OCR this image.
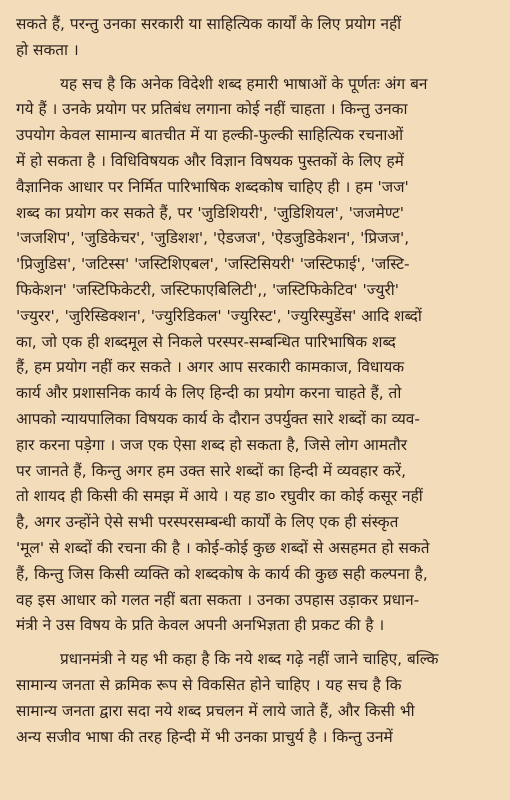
सकते हैं, परन्तु उनका सरकारी या साहित्यिक कार्यों के लिए प्रयोग नहीं
हो सकता ।
यह सच है कि अनेक विदेशी शब्द हमारी भाषाओं के पूर्णतः अंग बन
गये हैं । उनके प्रयोग पर प्रतिबंध लगाना कोई नहीं चाहता । किन्तु उनका
उपयोग केवल सामान्य बातचीत में या हल्की-फुल्की साहित्यिक रचनाओं
में हो सकता है । विधिविषयक और विज्ञान विषयक पुस्तकों के लिए हमें
वैज्ञानिक आधार पर निर्मित पारिभाषिक शब्दकोष चाहिए ही । हम 'जज'
शब्द का प्रयोग कर सकते हैं, पर 'जुडिशियरी', 'जुडिशियल', 'जजमेण्ट'
'जजशिप', 'जुडिकेचर', 'जुडिशश', 'ऐडजज', 'ऐडजुडिकेशन', 'प्रिजज',
'प्रिजुडिस', 'जटिस्स' 'जस्टिशिएबल', 'जस्टिसियरी' 'जस्टिफाई', 'जस्टि-
फिकेशन' 'जस्टिफिकेटरी, जस्टिफाएबिलिटी',, 'जस्टिफिकेटिव' 'ज्युरी'
'ज्युरर', 'जुरिस्डिक्शन', 'ज्युरिडिकल' 'ज्युरिस्ट', 'ज्युरिस्पुडेंस' आदि शब्दों
का, जो एक ही शब्दमूल से निकले परस्पर-सम्बन्धित पारिभाषिक शब्द
हैं, हम प्रयोग नहीं कर सकते । अगर आप सरकारी कामकाज, विधायक
कार्य और प्रशासनिक कार्य के लिए हिन्दी का प्रयोग करना चाहते हैं, तो
आपको न्यायपालिका विषयक कार्य के दौरान उपर्युक्त सारे शब्दों का व्यव-
हार करना पड़ेगा । जज एक ऐसा शब्द हो सकता है, जिसे लोग आमतौर
पर जानते हैं, किन्तु अगर हम उक्त सारे शब्दों का हिन्दी में व्यवहार करें,
तो शायद ही किसी की समझ में आये । यह डा० रघुवीर का कोई कसूर नहीं
है, अगर उन्होंने ऐसे सभी परस्परसम्बन्धी कार्यों के लिए एक ही संस्कृत
'मूल' से शब्दों की रचना की है । कोई-कोई कुछ शब्दों से असहमत हो सकते
हैं, किन्तु जिस किसी व्यक्ति को शब्दकोष के कार्य की कुछ सही कल्पना है,
वह इस आधार को गलत नहीं बता सकता । उनका उपहास उड़ाकर प्रधान-
मंत्री ने उस विषय के प्रति केवल अपनी अनभिज्ञता ही प्रकट की है ।
प्रधानमंत्री ने यह भी कहा है कि नये शब्द गढ़े नहीं जाने चाहिए, बल्कि
सामान्य जनता से क्रमिक रूप से विकसित होने चाहिए । यह सच है कि
सामान्य जनता द्वारा सदा नये शब्द प्रचलन में लाये जाते हैं, और किसी भी
अन्य सजीव भाषा की तरह हिन्दी में भी उनका प्राचुर्य है । किन्तु उनमें
